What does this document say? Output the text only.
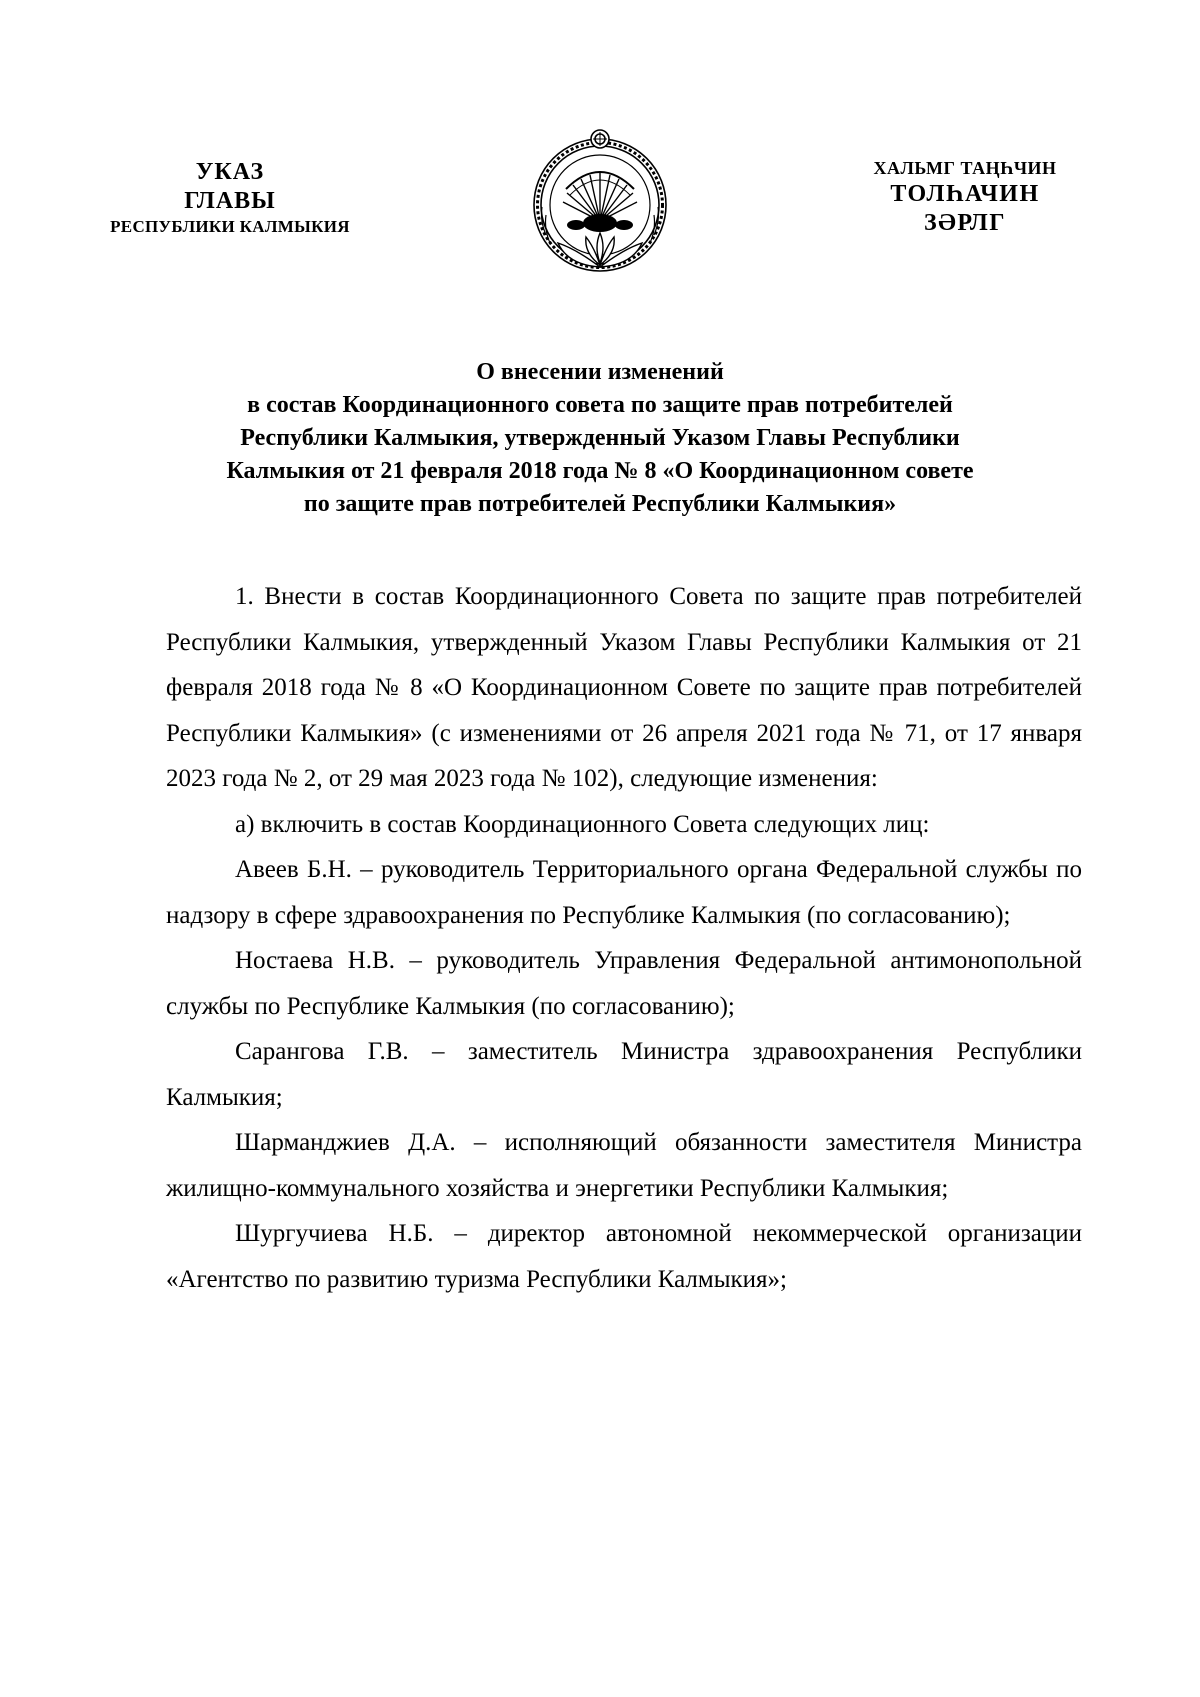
УКАЗ
ГЛАВЫ
РЕСПУБЛИКИ КАЛМЫКИЯ
ХАЛЬМГ ТАҢҺЧИН
ТОЛҺАЧИН
ЗӘРЛГ
О внесении изменений
в состав Координационного совета по защите прав потребителей
Республики Калмыкия, утвержденный Указом Главы Республики
Калмыкия от 21 февраля 2018 года № 8 «О Координационном совете
по защите прав потребителей Республики Калмыкия»

1. Внести в состав Координационного Совета по защите прав потребителей Республики Калмыкия, утвержденный Указом Главы Республики Калмыкия от 21 февраля 2018 года № 8 «О Координационном Совете по защите прав потребителей Республики Калмыкия» (с изменениями от 26 апреля 2021 года № 71, от 17 января 2023 года № 2, от 29 мая 2023 года № 102), следующие изменения:

а) включить в состав Координационного Совета следующих лиц:

Авеев Б.Н. – руководитель Территориального органа Федеральной службы по надзору в сфере здравоохранения по Республике Калмыкия (по согласованию);

Ностаева Н.В. – руководитель Управления Федеральной антимонопольной службы по Республике Калмыкия (по согласованию);

Сарангова Г.В. – заместитель Министра здравоохранения Республики Калмыкия;

Шарманджиев Д.А. – исполняющий обязанности заместителя Министра жилищно-коммунального хозяйства и энергетики Республики Калмыкия;

Шургучиева Н.Б. – директор автономной некоммерческой организации «Агентство по развитию туризма Республики Калмыкия»;
